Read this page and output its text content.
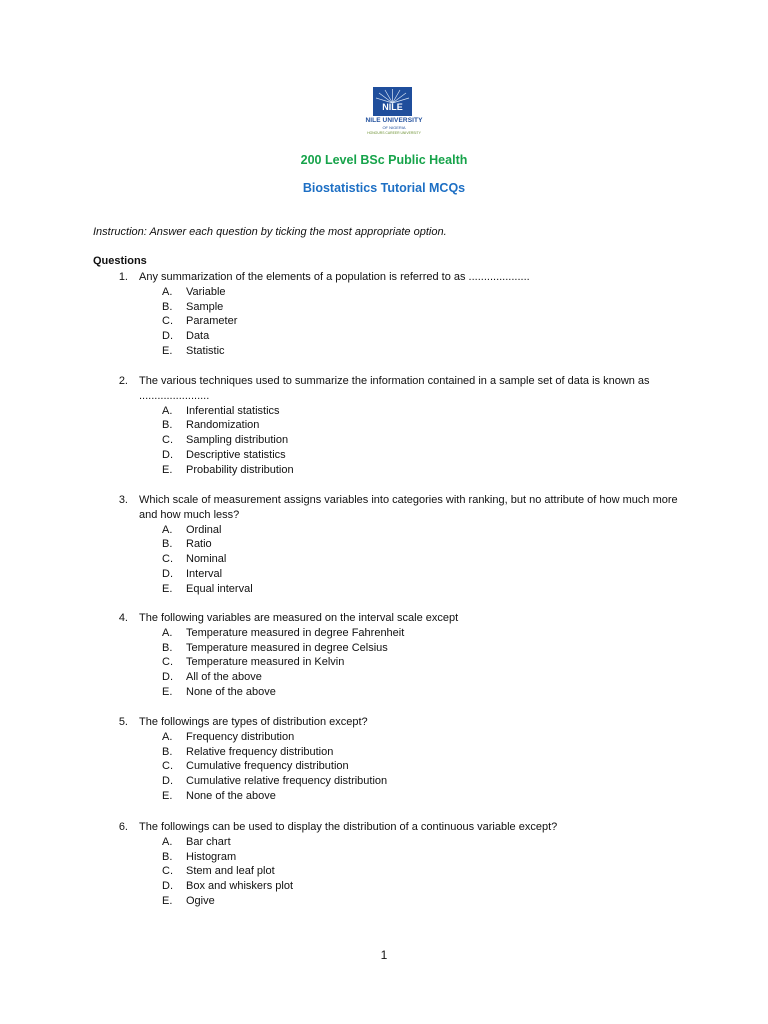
NILE
NILE UNIVERSITY
OF NIGERIA
HONOURS CAREER UNIVERSITY
200 Level BSc Public Health
Biostatistics Tutorial MCQs
Instruction: Answer each question by ticking the most appropriate option.
Questions
1. Any summarization of the elements of a population is referred to as ....................
A. Variable
B. Sample
C. Parameter
D. Data
E. Statistic
2. The various techniques used to summarize the information contained in a sample set of data is known as .......................
A. Inferential statistics
B. Randomization
C. Sampling distribution
D. Descriptive statistics
E. Probability distribution
3. Which scale of measurement assigns variables into categories with ranking, but no attribute of how much more and how much less?
A. Ordinal
B. Ratio
C. Nominal
D. Interval
E. Equal interval
4. The following variables are measured on the interval scale except
A. Temperature measured in degree Fahrenheit
B. Temperature measured in degree Celsius
C. Temperature measured in Kelvin
D. All of the above
E. None of the above
5. The followings are types of distribution except?
A. Frequency distribution
B. Relative frequency distribution
C. Cumulative frequency distribution
D. Cumulative relative frequency distribution
E. None of the above
6. The followings can be used to display the distribution of a continuous variable except?
A. Bar chart
B. Histogram
C. Stem and leaf plot
D. Box and whiskers plot
E. Ogive
1
